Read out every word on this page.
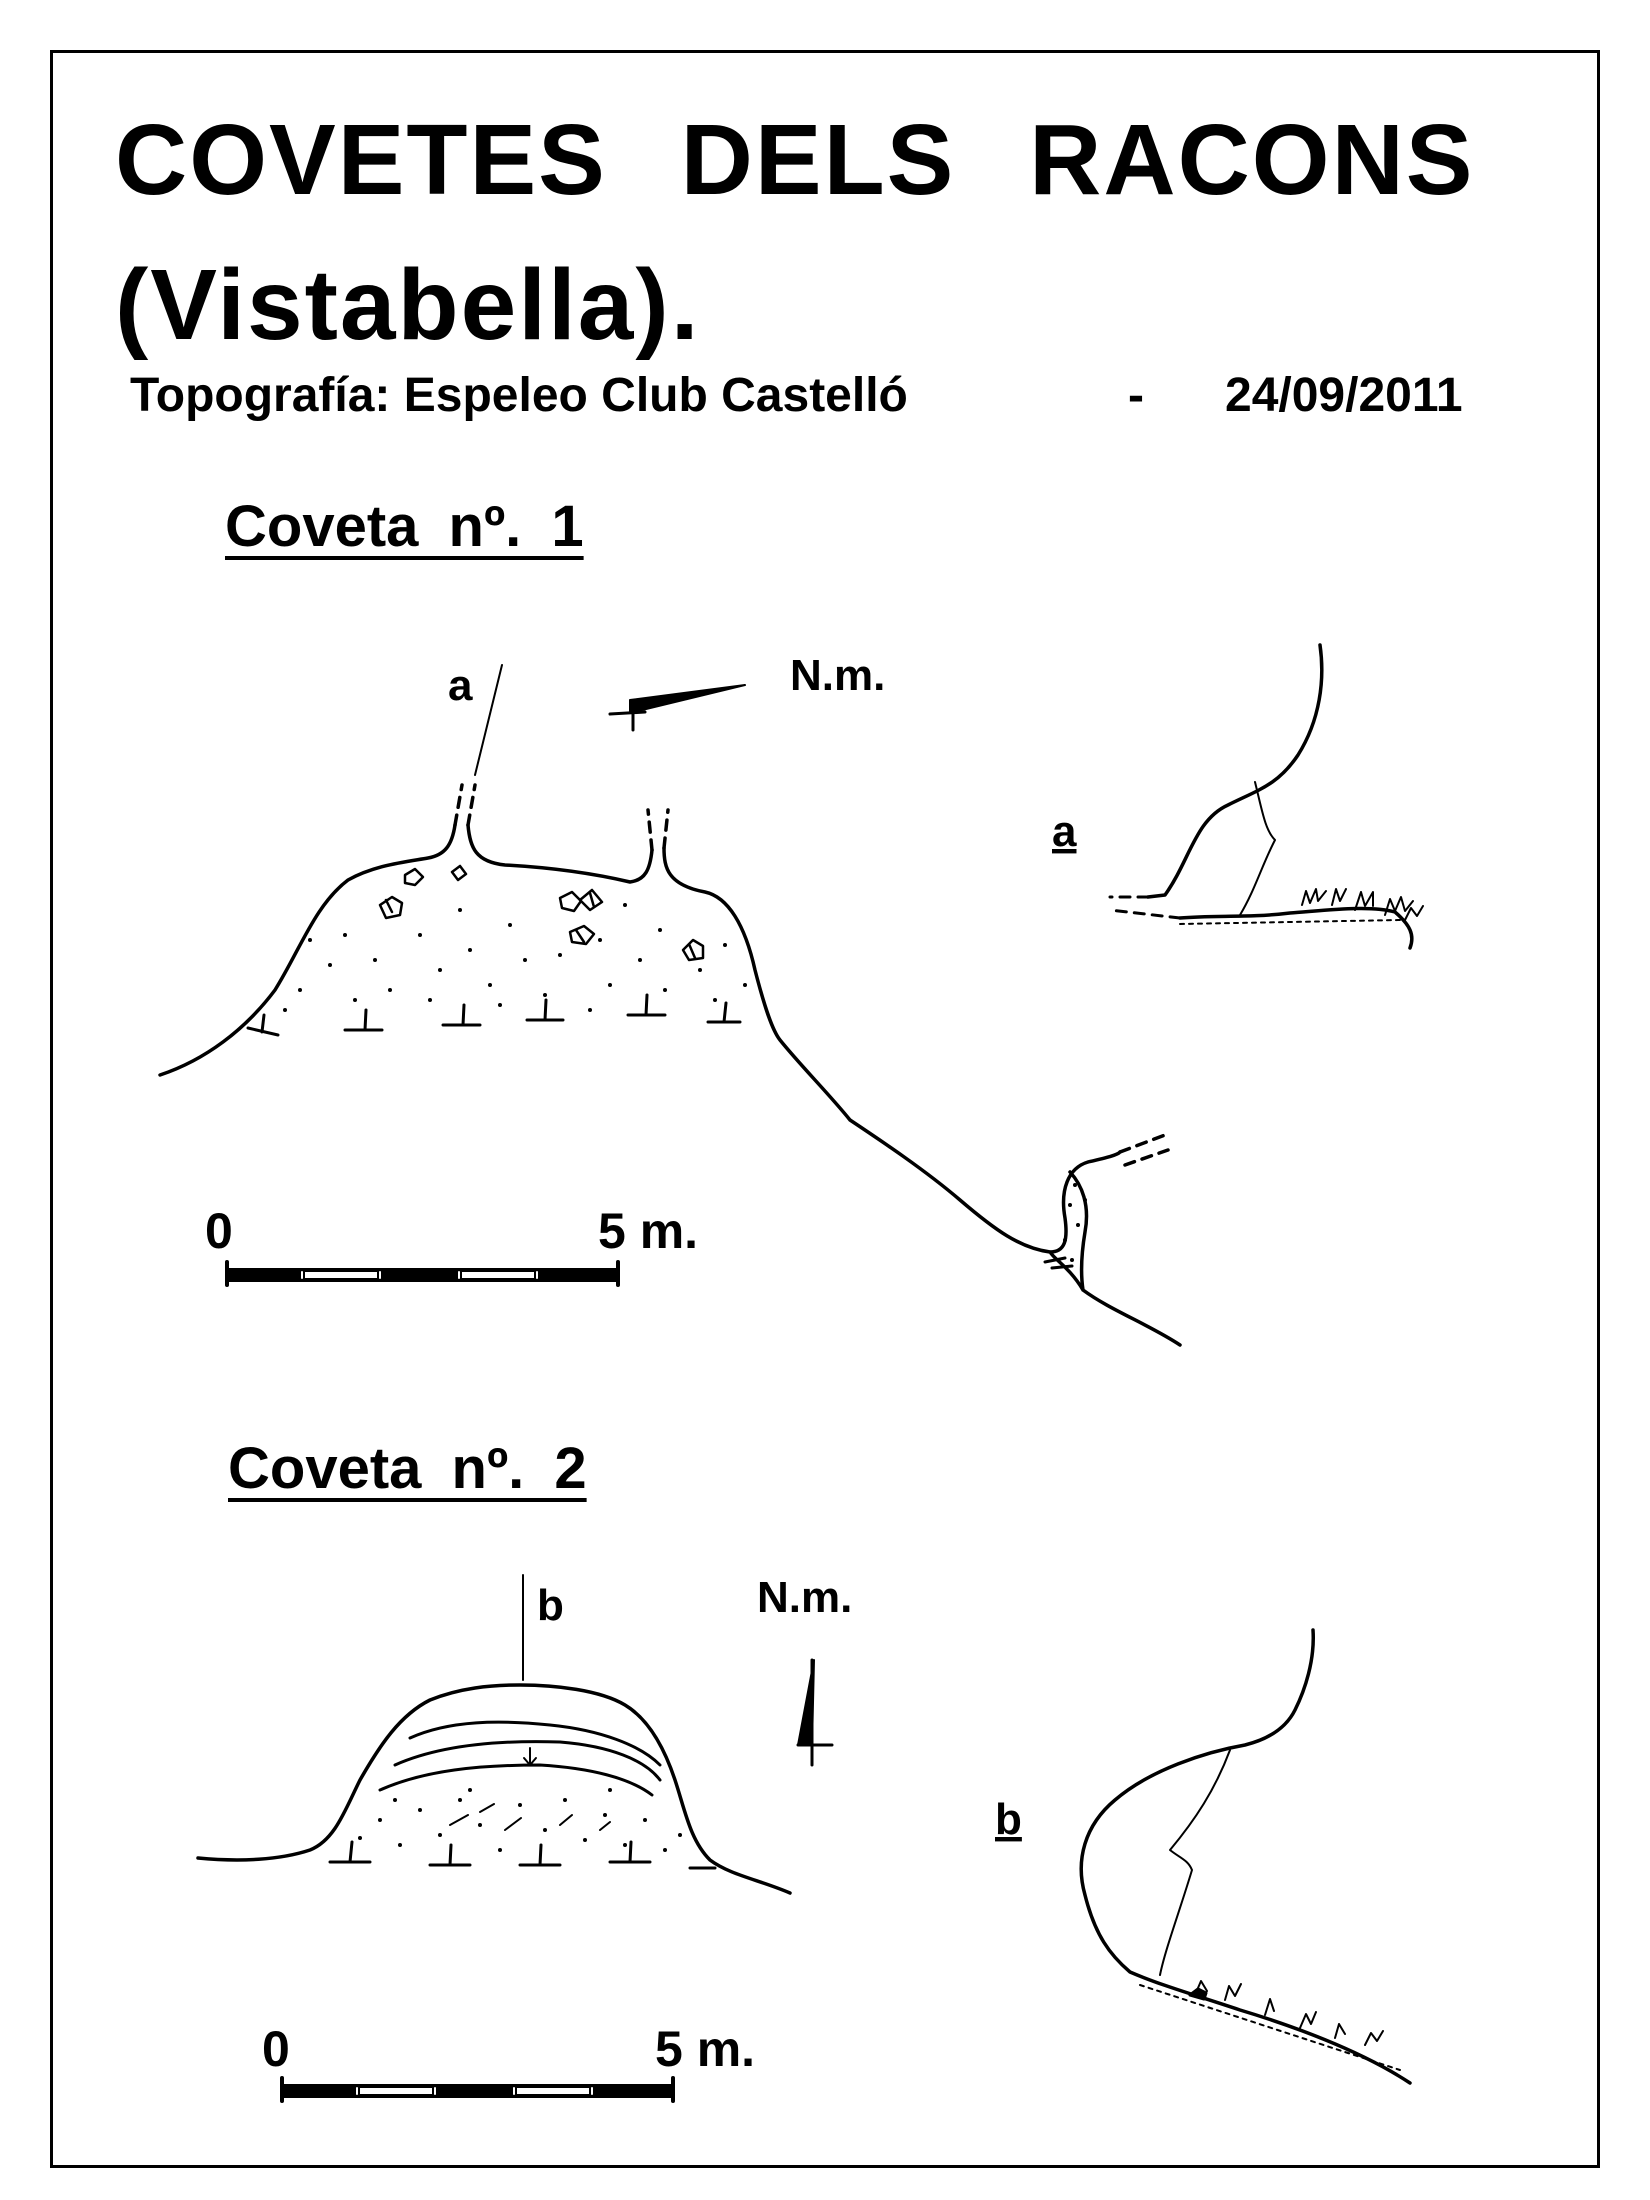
COVETES DELS RACONS
(Vistabella).
Topografía: Espeleo Club Castelló	- 24/09/2011
Coveta nº. 1
Coveta nº. 2
a	N.m.
a
0	5 m.
b	N.m.
b
0	5 m.
